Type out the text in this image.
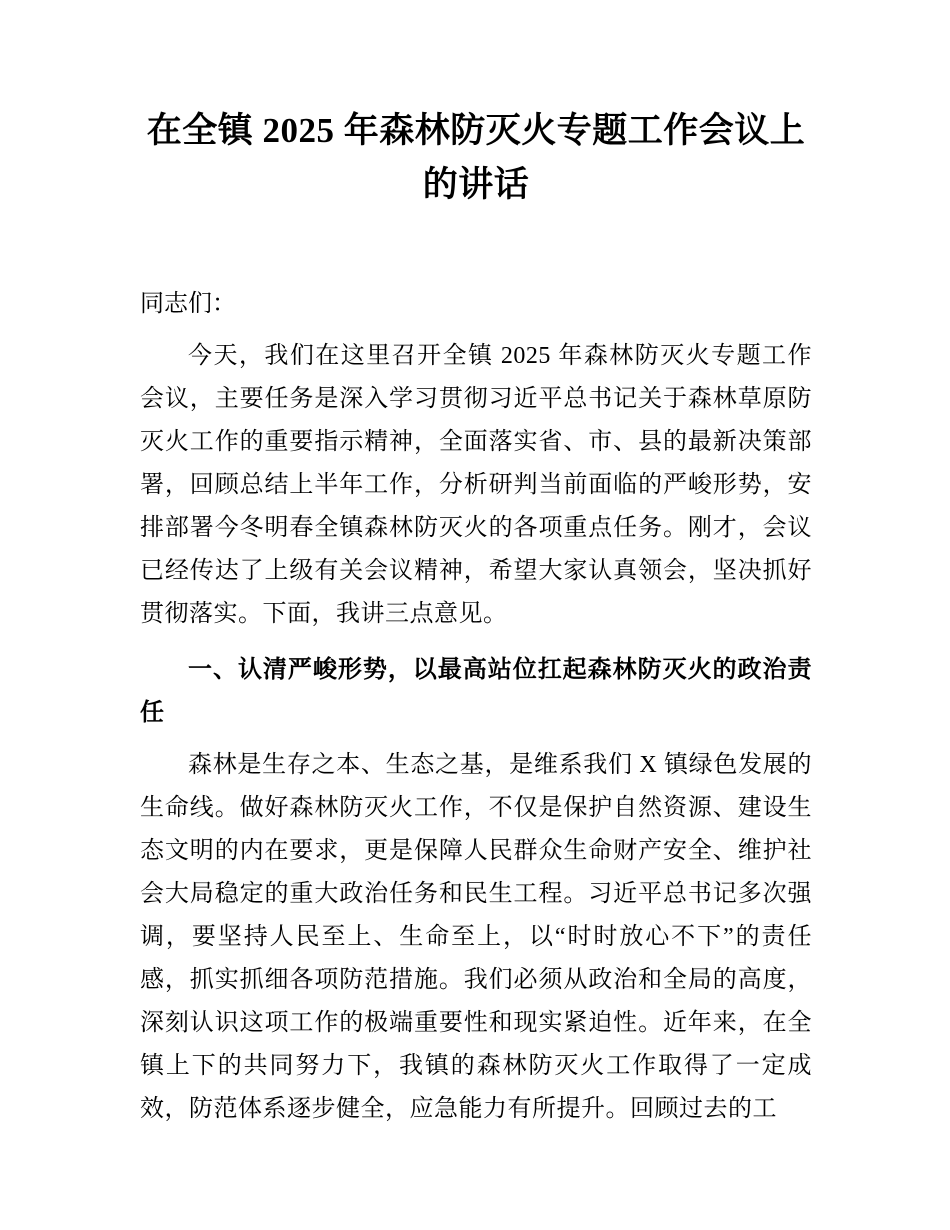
在全镇 2025 年森林防灭火专题工作会议上的讲话

同志们：

今天，我们在这里召开全镇 2025 年森林防灭火专题工作会议，主要任务是深入学习贯彻习近平总书记关于森林草原防灭火工作的重要指示精神，全面落实省、市、县的最新决策部署，回顾总结上半年工作，分析研判当前面临的严峻形势，安排部署今冬明春全镇森林防灭火的各项重点任务。刚才，会议已经传达了上级有关会议精神，希望大家认真领会，坚决抓好贯彻落实。下面，我讲三点意见。

一、认清严峻形势，以最高站位扛起森林防灭火的政治责任

森林是生存之本、生态之基，是维系我们 X 镇绿色发展的生命线。做好森林防灭火工作，不仅是保护自然资源、建设生态文明的内在要求，更是保障人民群众生命财产安全、维护社会大局稳定的重大政治任务和民生工程。习近平总书记多次强调，要坚持人民至上、生命至上，以“时时放心不下”的责任感，抓实抓细各项防范措施。我们必须从政治和全局的高度，深刻认识这项工作的极端重要性和现实紧迫性。近年来，在全镇上下的共同努力下，我镇的森林防灭火工作取得了一定成效，防范体系逐步健全，应急能力有所提升。回顾过去的工
